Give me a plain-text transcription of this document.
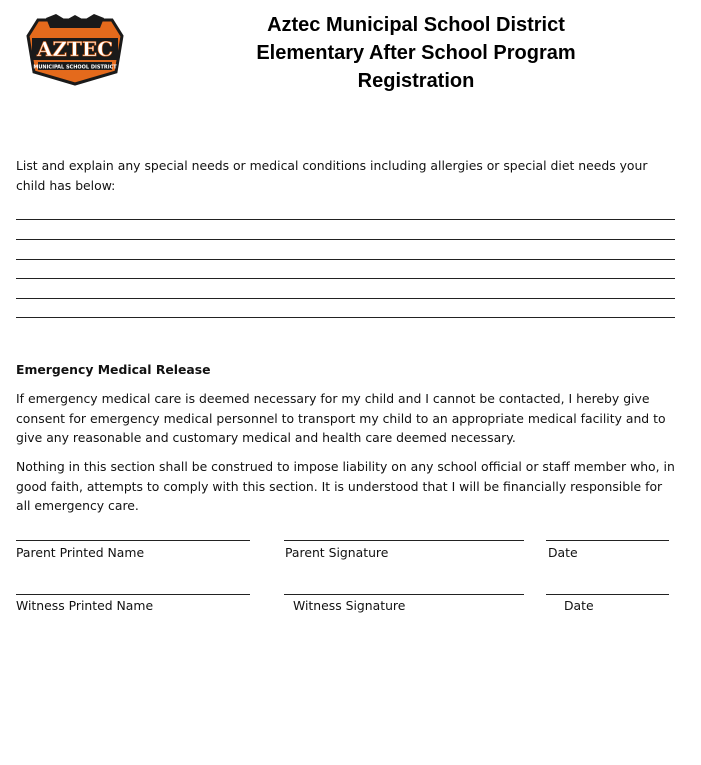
AZTEC
MUNICIPAL SCHOOL DISTRICT
Aztec Municipal School District
Elementary After School Program
Registration
List and explain any special needs or medical conditions including allergies or special diet needs your child has below:
Emergency Medical Release
If emergency medical care is deemed necessary for my child and I cannot be contacted, I hereby give consent for emergency medical personnel to transport my child to an appropriate medical facility and to give any reasonable and customary medical and health care deemed necessary.
Nothing in this section shall be construed to impose liability on any school official or staff member who, in good faith, attempts to comply with this section. It is understood that I will be financially responsible for all emergency care.
Parent Printed Name	Parent Signature	Date
Witness Printed Name	Witness Signature	Date
